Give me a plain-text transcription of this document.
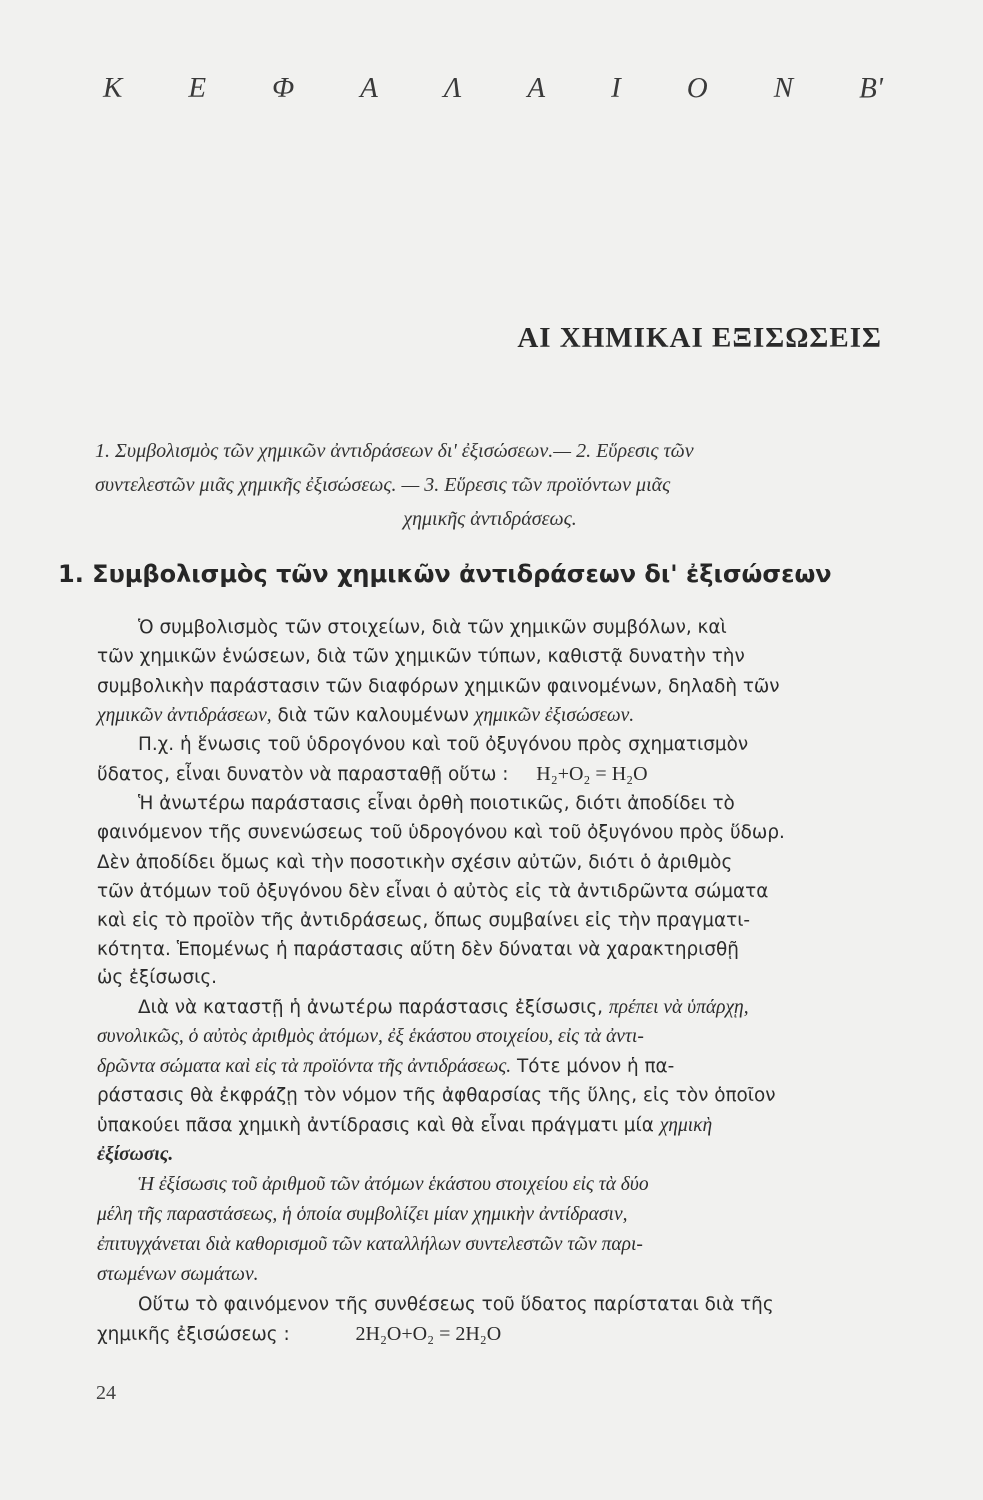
Κ Ε Φ Α Λ Α Ι Ο Ν Β'
ΑΙ ΧΗΜΙΚΑΙ ΕΞΙΣΩΣΕΙΣ
1. Συμβολισμὸς τῶν χημικῶν ἀντιδράσεων δι' ἐξισώσεων.— 2. Εὕρεσις τῶν
συντελεστῶν μιᾶς χημικῆς ἐξισώσεως. — 3. Εὕρεσις τῶν προϊόντων μιᾶς
χημικῆς ἀντιδράσεως.
1. Συμβολισμὸς τῶν χημικῶν ἀντιδράσεων δι' ἐξισώσεων
Ὁ συμβολισμὸς τῶν στοιχείων, διὰ τῶν χημικῶν συμβόλων, καὶ
τῶν χημικῶν ἑνώσεων, διὰ τῶν χημικῶν τύπων, καθιστᾷ δυνατὴν τὴν
συμβολικὴν παράστασιν τῶν διαφόρων χημικῶν φαινομένων, δηλαδὴ τῶν
χημικῶν ἀντιδράσεων, διὰ τῶν καλουμένων χημικῶν ἐξισώσεων.
Π.χ. ἡ ἕνωσις τοῦ ὑδρογόνου καὶ τοῦ ὀξυγόνου πρὸς σχηματισμὸν
ὕδατος, εἶναι δυνατὸν νὰ παρασταθῇ οὕτω : H₂+O₂ = H₂O
Ἡ ἀνωτέρω παράστασις εἶναι ὀρθὴ ποιοτικῶς, διότι ἀποδίδει τὸ
φαινόμενον τῆς συνενώσεως τοῦ ὑδρογόνου καὶ τοῦ ὀξυγόνου πρὸς ὕδωρ.
Δὲν ἀποδίδει ὅμως καὶ τὴν ποσοτικὴν σχέσιν αὐτῶν, διότι ὁ ἀριθμὸς
τῶν ἀτόμων τοῦ ὀξυγόνου δὲν εἶναι ὁ αὐτὸς εἰς τὰ ἀντιδρῶντα σώματα
καὶ εἰς τὸ προϊὸν τῆς ἀντιδράσεως, ὅπως συμβαίνει εἰς τὴν πραγματι-
κότητα. Ἑπομένως ἡ παράστασις αὕτη δὲν δύναται νὰ χαρακτηρισθῇ
ὡς ἐξίσωσις.
Διὰ νὰ καταστῇ ἡ ἀνωτέρω παράστασις ἐξίσωσις, πρέπει νὰ ὑπάρχῃ,
συνολικῶς, ὁ αὐτὸς ἀριθμὸς ἀτόμων, ἐξ ἑκάστου στοιχείου, εἰς τὰ ἀντι-
δρῶντα σώματα καὶ εἰς τὰ προϊόντα τῆς ἀντιδράσεως. Τότε μόνον ἡ πα-
ράστασις θὰ ἐκφράζῃ τὸν νόμον τῆς ἀφθαρσίας τῆς ὕλης, εἰς τὸν ὁποῖον
ὑπακούει πᾶσα χημικὴ ἀντίδρασις καὶ θὰ εἶναι πράγματι μία χημικὴ
ἐξίσωσις.
Ἡ ἐξίσωσις τοῦ ἀριθμοῦ τῶν ἀτόμων ἑκάστου στοιχείου εἰς τὰ δύο
μέλη τῆς παραστάσεως, ἡ ὁποία συμβολίζει μίαν χημικὴν ἀντίδρασιν,
ἐπιτυγχάνεται διὰ καθορισμοῦ τῶν καταλλήλων συντελεστῶν τῶν παρι-
στωμένων σωμάτων.
Οὕτω τὸ φαινόμενον τῆς συνθέσεως τοῦ ὕδατος παρίσταται διὰ τῆς
χημικῆς ἐξισώσεως :	2H₂O+O₂ = 2H₂O
24
